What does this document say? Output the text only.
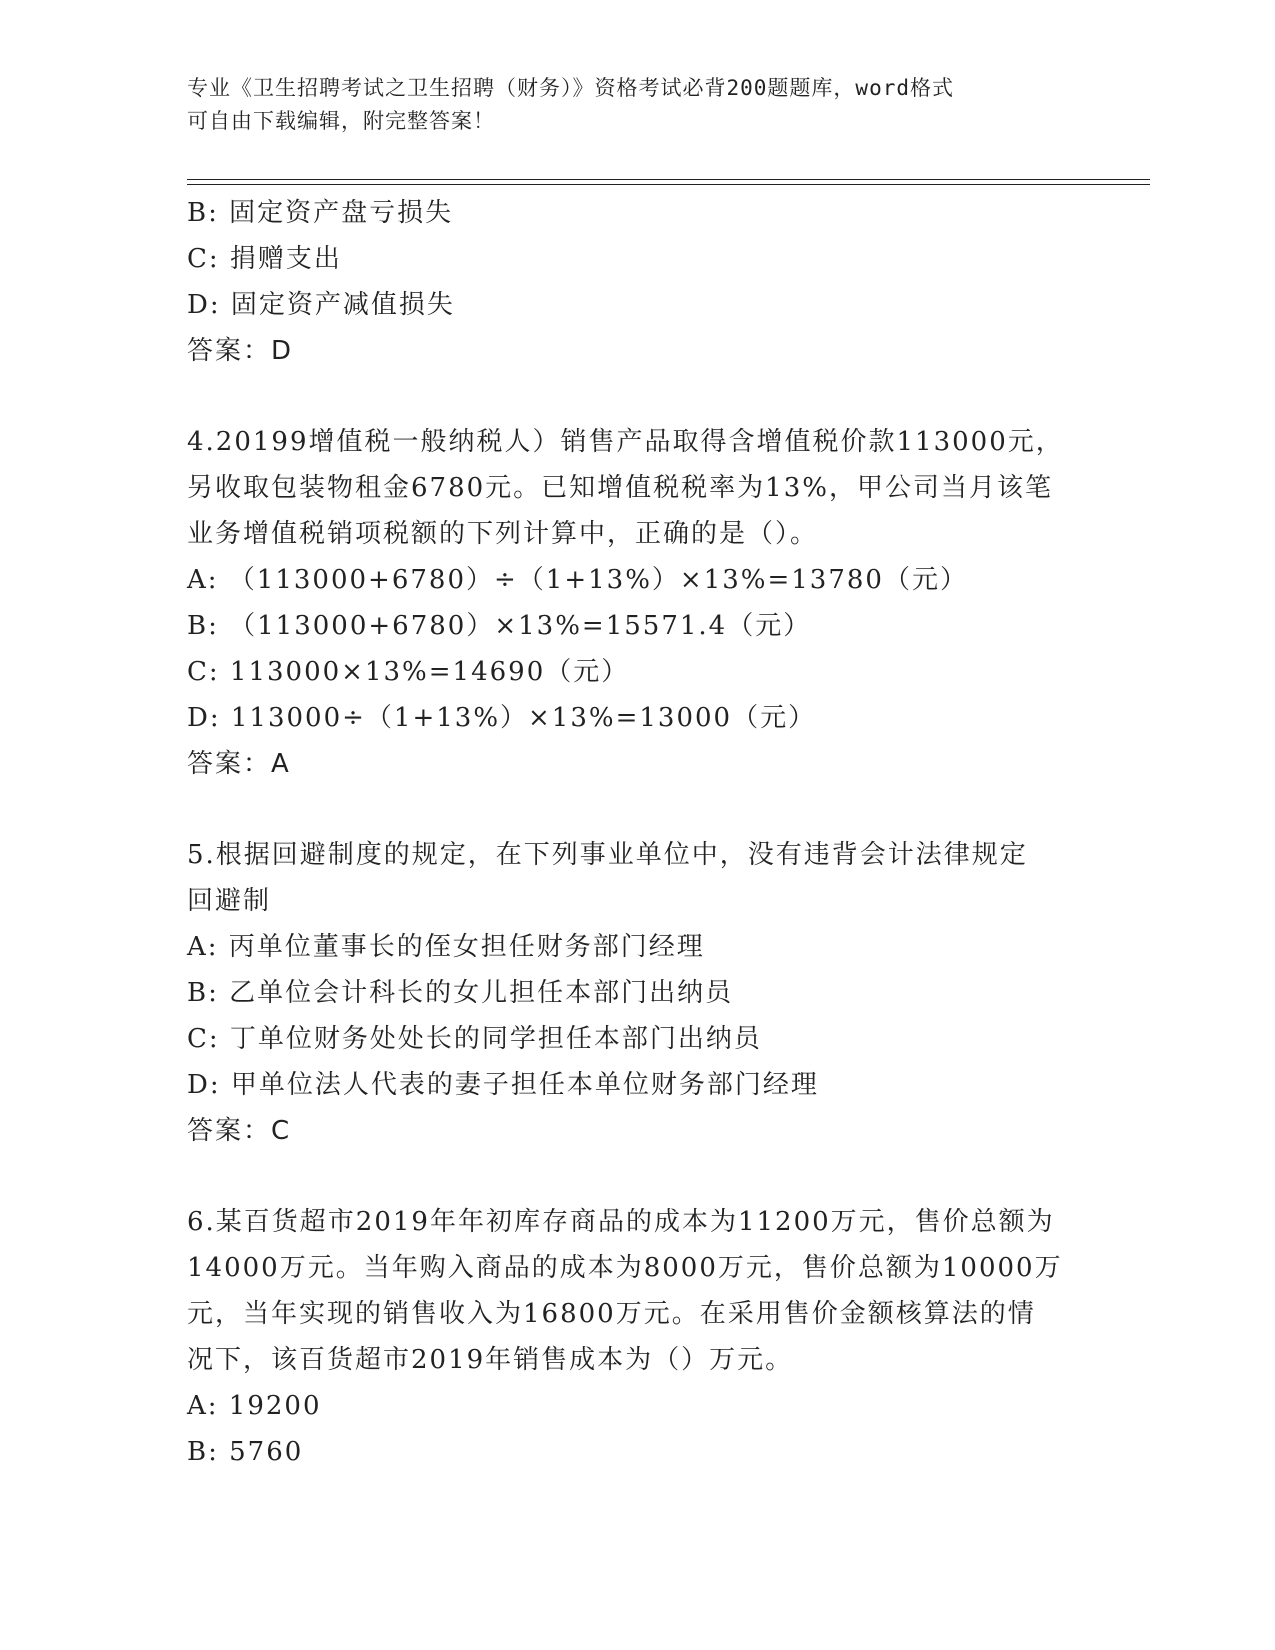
专业《卫生招聘考试之卫生招聘（财务）》资格考试必背200题题库，word格式
可自由下载编辑，附完整答案！
B: 固定资产盘亏损失
C: 捐赠支出
D: 固定资产减值损失
答案：D
4.20199增值税一般纳税人）销售产品取得含增值税价款113000元，
另收取包装物租金6780元。已知增值税税率为13%，甲公司当月该笔
业务增值税销项税额的下列计算中，正确的是（）。
A: （113000+6780）÷（1+13%）×13%=13780（元）
B: （113000+6780）×13%=15571.4（元）
C: 113000×13%=14690（元）
D: 113000÷（1+13%）×13%=13000（元）
答案：A
5.根据回避制度的规定，在下列事业单位中，没有违背会计法律规定
回避制
A: 丙单位董事长的侄女担任财务部门经理
B: 乙单位会计科长的女儿担任本部门出纳员
C: 丁单位财务处处长的同学担任本部门出纳员
D: 甲单位法人代表的妻子担任本单位财务部门经理
答案：C
6.某百货超市2019年年初库存商品的成本为11200万元，售价总额为
14000万元。当年购入商品的成本为8000万元，售价总额为10000万
元，当年实现的销售收入为16800万元。在采用售价金额核算法的情
况下，该百货超市2019年销售成本为（）万元。
A: 19200
B: 5760
